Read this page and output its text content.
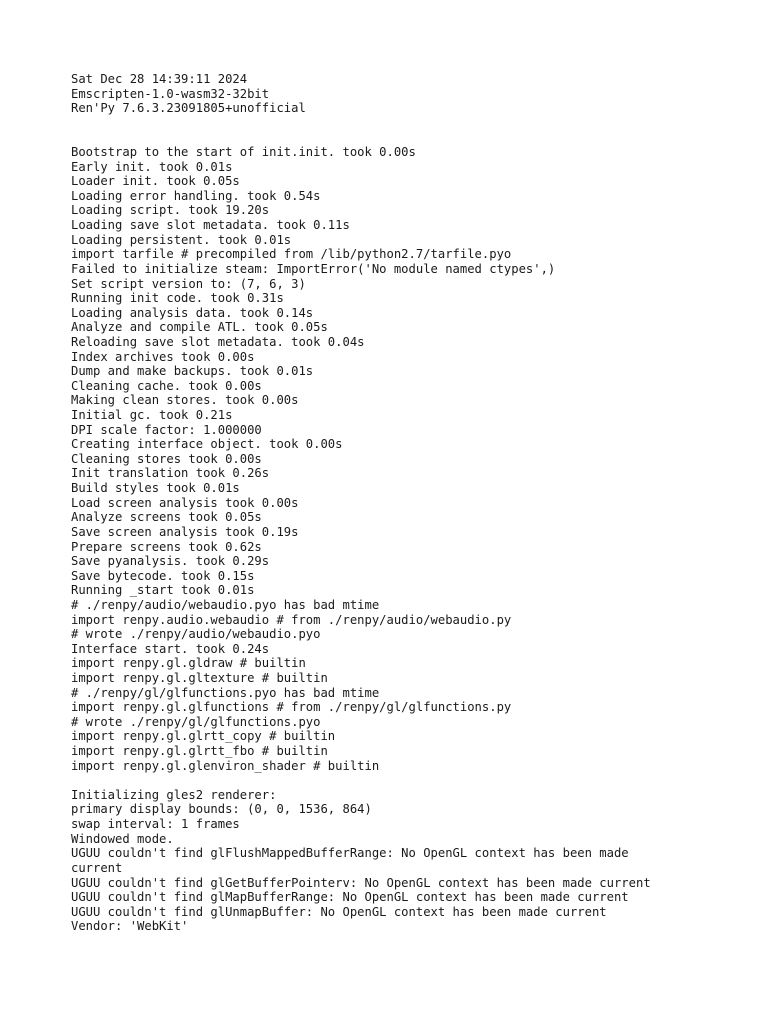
Sat Dec 28 14:39:11 2024
Emscripten-1.0-wasm32-32bit
Ren'Py 7.6.3.23091805+unofficial
Bootstrap to the start of init.init. took 0.00s
Early init. took 0.01s
Loader init. took 0.05s
Loading error handling. took 0.54s
Loading script. took 19.20s
Loading save slot metadata. took 0.11s
Loading persistent. took 0.01s
import tarfile # precompiled from /lib/python2.7/tarfile.pyo
Failed to initialize steam: ImportError('No module named ctypes',)
Set script version to: (7, 6, 3)
Running init code. took 0.31s
Loading analysis data. took 0.14s
Analyze and compile ATL. took 0.05s
Reloading save slot metadata. took 0.04s
Index archives took 0.00s
Dump and make backups. took 0.01s
Cleaning cache. took 0.00s
Making clean stores. took 0.00s
Initial gc. took 0.21s
DPI scale factor: 1.000000
Creating interface object. took 0.00s
Cleaning stores took 0.00s
Init translation took 0.26s
Build styles took 0.01s
Load screen analysis took 0.00s
Analyze screens took 0.05s
Save screen analysis took 0.19s
Prepare screens took 0.62s
Save pyanalysis. took 0.29s
Save bytecode. took 0.15s
Running _start took 0.01s
# ./renpy/audio/webaudio.pyo has bad mtime
import renpy.audio.webaudio # from ./renpy/audio/webaudio.py
# wrote ./renpy/audio/webaudio.pyo
Interface start. took 0.24s
import renpy.gl.gldraw # builtin
import renpy.gl.gltexture # builtin
# ./renpy/gl/glfunctions.pyo has bad mtime
import renpy.gl.glfunctions # from ./renpy/gl/glfunctions.py
# wrote ./renpy/gl/glfunctions.pyo
import renpy.gl.glrtt_copy # builtin
import renpy.gl.glrtt_fbo # builtin
import renpy.gl.glenviron_shader # builtin
Initializing gles2 renderer:
primary display bounds: (0, 0, 1536, 864)
swap interval: 1 frames
Windowed mode.
UGUU couldn't find glFlushMappedBufferRange: No OpenGL context has been made
current
UGUU couldn't find glGetBufferPointerv: No OpenGL context has been made current
UGUU couldn't find glMapBufferRange: No OpenGL context has been made current
UGUU couldn't find glUnmapBuffer: No OpenGL context has been made current
Vendor: 'WebKit'
